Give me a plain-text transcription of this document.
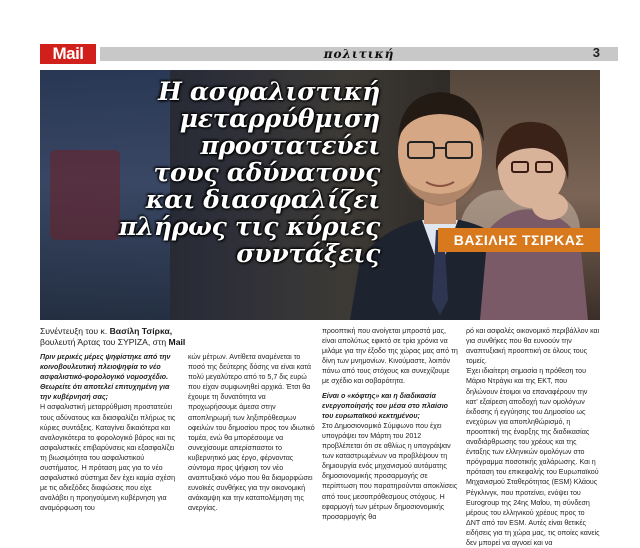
Mail	πολιτική	3
Η ασφαλιστική
μεταρρύθμιση
προστατεύει
τους αδύνατους
και διασφαλίζει
πλήρως τις κύριες
συντάξεις	ΒΑΣΙΛΗΣ ΤΣΙΡΚΑΣ
Συνέντευξη του κ. Βασίλη Τσίρκα,
βουλευτή Άρτας του ΣΥΡΙΖΑ, στη Mail

Πριν μερικές μέρες ψηφίστηκε από την κοινοβουλευτική πλειοψηφία το νέο ασφαλιστικό-φορολογικό νομοσχέδιο. Θεωρείτε ότι αποτελεί επιτυχημένη για την κυβέρνησή σας;

Η ασφαλιστική μεταρρύθμιση προστατεύει τους αδύνατους και διασφαλίζει πλήρως τις κύριες συντάξεις. Καταγίνει δικαιότερα και αναλογικότερα το φορολογικό βάρος και τις ασφαλιστικές επιβαρύνσεις και εξασφαλίζει τη βιωσιμότητα του ασφαλιστικού συστήματος. Η πρόταση μας για το νέο ασφαλιστικό σύστημα δεν έχει καμία σχέση με τις αδιεξόδες διαφώσεις που είχε αναλάβει η προηγούμενη κυβέρνηση για αναμόρφωση του

κών μέτρων. Αντίθετα αναμένεται το ποσό της δεύτερης δόσης να είναι κατά πολύ μεγαλύτερο από το 5,7 δις ευρώ που είχαν συμφωνηθεί αρχικά. Έτσι θα έχουμε τη δυνατότητα να προχωρήσουμε άμεσα στην αποπληρωμή των ληξιπρόθεσμων οφειλών του δημοσίου προς τον ιδιωτικό τομέα, ενώ θα μπορέσουμε να συνεχίσουμε απερίσπαστοι το κυβερνητικό μας έργο, φέρνοντας σύντομα προς ψήφιση τον νέο αναπτυξιακό νόμο που θα διαμορφώσει ευνοϊκές συνθήκες για την οικονομική ανάκαμψη και την καταπολέμηση της ανεργίας.

προοπτική που ανοίγεται μπροστά μας, είναι απολύτως εφικτό σε τρία χρόνια να μιλάμε για την έξοδο της χώρας μας από τη δίνη των μνημονίων. Κινούμαστε, λοιπόν πάνω από τους στόχους και συνεχίζουμε με σχέδιο και σοβαρότητα.

Είναι ο «κόφτης» και η διαδικασία ενεργοποίησής του μέσα στο πλαίσιο του ευρωπαϊκού κεκτημένου;

Στο Δημοσιονομικό Σύμφωνο που έχει υπογράψει τον Μάρτη του 2012 προβλέπεται ότι σε αθλίως η υπογράψαν των καταστρωμένων να προβλέψουν τη δημιουργία ενός μηχανισμού αυτόματης δημοσιονομικής προσαρμογής σε περίπτωση που παρατηρούνται αποκλίσεις από τους μεσοπρόθεσμους στόχους. Η εφαρμογή των μέτρων δημοσιονομικής προσαρμογής θα

ρό και ασφαλές οικονομικό περιβάλλον και για συνθήκες που θα ευνοούν την αναπτυξιακή προοπτική σε όλους τους τομείς.

Έχει ιδιαίτερη σημασία η πρόθεση του Μάριο Ντράγκι και της ΕΚΤ, που δηλώνουν έτοιμοι να επαναφέρουν την κατ' εξαίρεση αποδοχή των ομολόγων έκδοσης ή εγγύησης του Δημοσίου ως ενεχύρων για αποπληθώρισμό, η προοπτική της έναρξης της διαδικασίας αναδιάρθρωσης του χρέους και της ένταξης των ελληνικών ομολόγων στο πρόγραμμα ποσοτικής χαλάρωσης. Και η πρόταση του επικεφαλής του Ευρωπαϊκού Μηχανισμού Σταθερότητας (ESM) Κλάους Ρέγκλινγκ, που προτείνει, ενόψει του Eurogroup της 24ης Μαΐου, τη σύνδεση μέρους του ελληνικού χρέους προς το ΔΝΤ από τον ESM. Αυτές είναι θετικές ειδήσεις για τη χώρα μας, τις οποίες κανείς δεν μπορεί να αγνοεί και να
